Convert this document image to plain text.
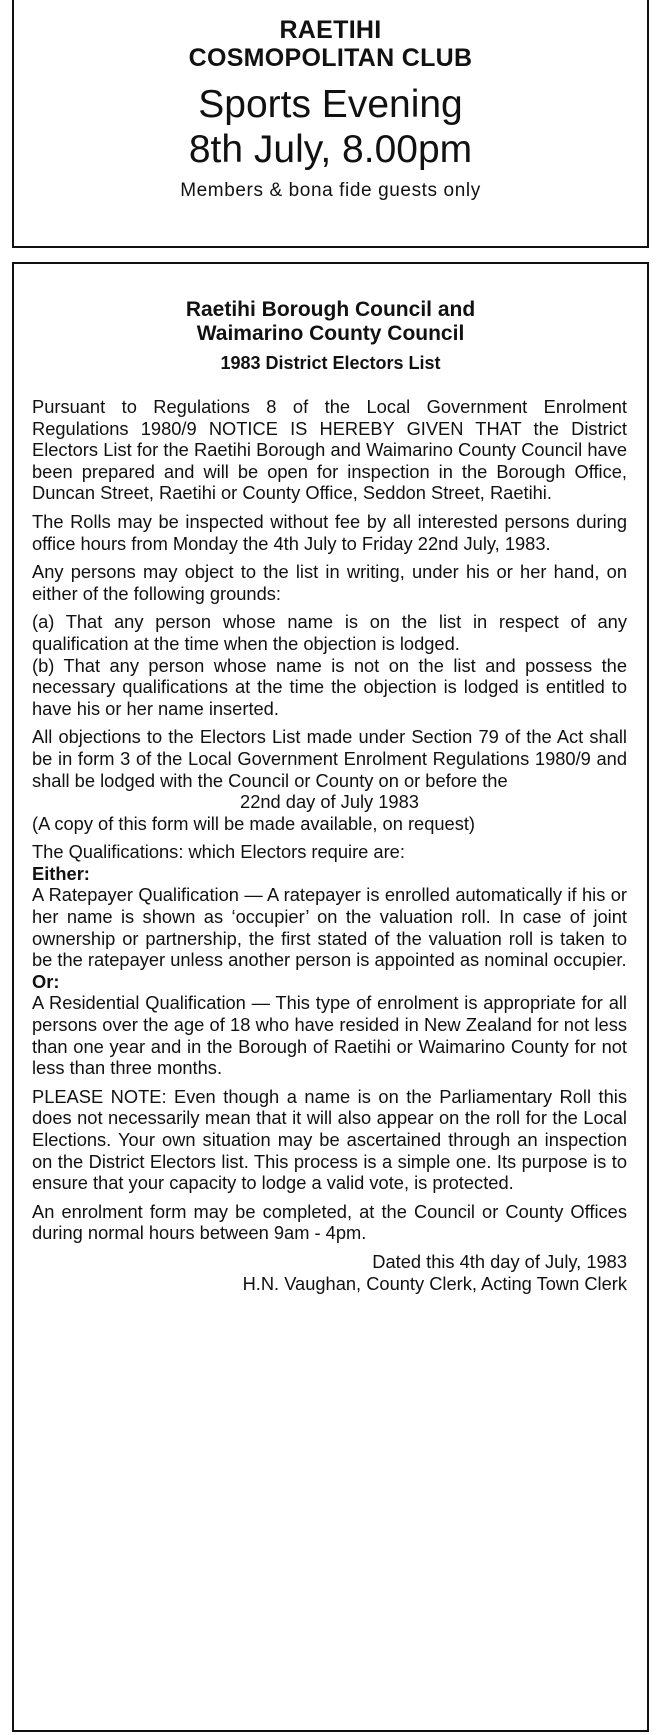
RAETIHI
COSMOPOLITAN CLUB
Sports Evening
8th July, 8.00pm
Members & bona fide guests only
Raetihi Borough Council and
Waimarino County Council
1983 District Electors List

Pursuant to Regulations 8 of the Local Government Enrolment Regulations 1980/9 NOTICE IS HEREBY GIVEN THAT the District Electors List for the Raetihi Borough and Waimarino County Council have been prepared and will be open for inspection in the Borough Office, Duncan Street, Raetihi or County Office, Seddon Street, Raetihi.

The Rolls may be inspected without fee by all interested persons during office hours from Monday the 4th July to Friday 22nd July, 1983.

Any persons may object to the list in writing, under his or her hand, on either of the following grounds:

(a) That any person whose name is on the list in respect of any qualification at the time when the objection is lodged.

(b) That any person whose name is not on the list and possess the necessary qualifications at the time the objection is lodged is entitled to have his or her name inserted.

All objections to the Electors List made under Section 79 of the Act shall be in form 3 of the Local Government Enrolment Regulations 1980/9 and shall be lodged with the Council or County on or before the

22nd day of July 1983

(A copy of this form will be made available, on request)

The Qualifications: which Electors require are:

Either:

A Ratepayer Qualification — A ratepayer is enrolled automatically if his or her name is shown as ‘occupier’ on the valuation roll. In case of joint ownership or partnership, the first stated of the valuation roll is taken to be the ratepayer unless another person is appointed as nominal occupier.

Or:

A Residential Qualification — This type of enrolment is appropriate for all persons over the age of 18 who have resided in New Zealand for not less than one year and in the Borough of Raetihi or Waimarino County for not less than three months.

PLEASE NOTE: Even though a name is on the Parliamentary Roll this does not necessarily mean that it will also appear on the roll for the Local Elections. Your own situation may be ascertained through an inspection on the District Electors list. This process is a simple one. Its purpose is to ensure that your capacity to lodge a valid vote, is protected.

An enrolment form may be completed, at the Council or County Offices during normal hours between 9am - 4pm.

Dated this 4th day of July, 1983

H.N. Vaughan, County Clerk, Acting Town Clerk
